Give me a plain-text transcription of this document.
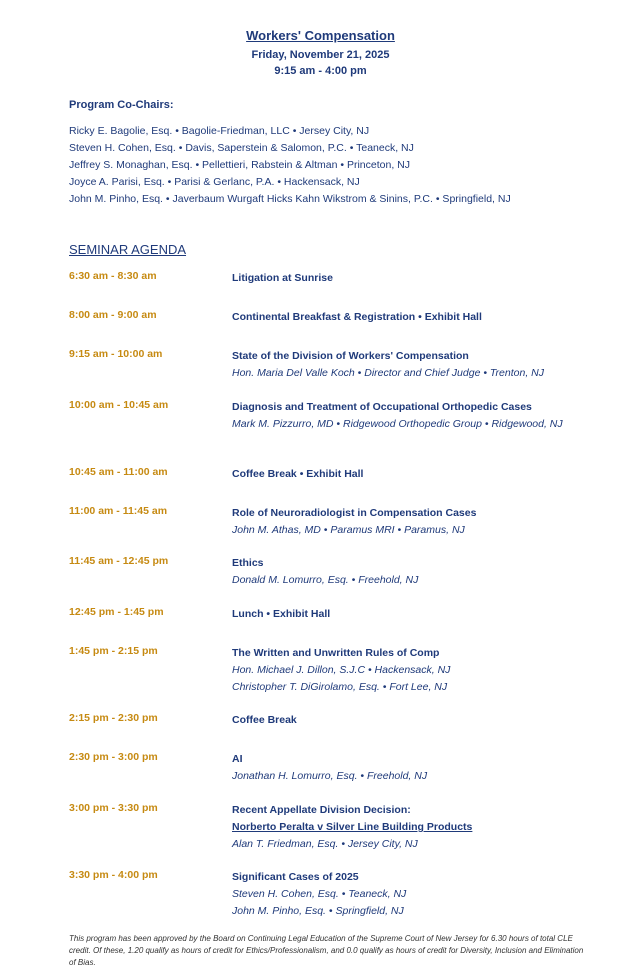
Workers' Compensation
Friday, November 21, 2025
9:15 am - 4:00 pm
Program Co-Chairs:
Ricky E. Bagolie, Esq. • Bagolie-Friedman, LLC • Jersey City, NJ
Steven H. Cohen, Esq. • Davis, Saperstein & Salomon, P.C. • Teaneck, NJ
Jeffrey S. Monaghan, Esq. • Pellettieri, Rabstein & Altman • Princeton, NJ
Joyce A. Parisi, Esq. • Parisi & Gerlanc, P.A. • Hackensack, NJ
John M. Pinho, Esq. • Javerbaum Wurgaft Hicks Kahn Wikstrom & Sinins, P.C. • Springfield, NJ
SEMINAR AGENDA
6:30 am - 8:30 am	Litigation at Sunrise
8:00 am - 9:00 am	Continental Breakfast & Registration • Exhibit Hall
9:15 am - 10:00 am	State of the Division of Workers' Compensation
Hon. Maria Del Valle Koch • Director and Chief Judge • Trenton, NJ
10:00 am - 10:45 am	Diagnosis and Treatment of Occupational Orthopedic Cases
Mark M. Pizzurro, MD • Ridgewood Orthopedic Group • Ridgewood, NJ
10:45 am - 11:00 am	Coffee Break • Exhibit Hall
11:00 am - 11:45 am	Role of Neuroradiologist in Compensation Cases
John M. Athas, MD • Paramus MRI • Paramus, NJ
11:45 am - 12:45 pm	Ethics
Donald M. Lomurro, Esq. • Freehold, NJ
12:45 pm - 1:45 pm	Lunch • Exhibit Hall
1:45 pm - 2:15 pm	The Written and Unwritten Rules of Comp
Hon. Michael J. Dillon, S.J.C • Hackensack, NJ
Christopher T. DiGirolamo, Esq. • Fort Lee, NJ
2:15 pm - 2:30 pm	Coffee Break
2:30 pm - 3:00 pm	AI
Jonathan H. Lomurro, Esq. • Freehold, NJ
3:00 pm - 3:30 pm	Recent Appellate Division Decision:
Norberto Peralta v Silver Line Building Products
Alan T. Friedman, Esq. • Jersey City, NJ
3:30 pm - 4:00 pm	Significant Cases of 2025
Steven H. Cohen, Esq. • Teaneck, NJ
John M. Pinho, Esq. • Springfield, NJ
This program has been approved by the Board on Continuing Legal Education of the Supreme Court of New Jersey for 6.30 hours of total CLE credit. Of these, 1.20 qualify as hours of credit for Ethics/Professionalism, and 0.0 qualify as hours of credit for Diversity, Inclusion and Elimination of Bias.
